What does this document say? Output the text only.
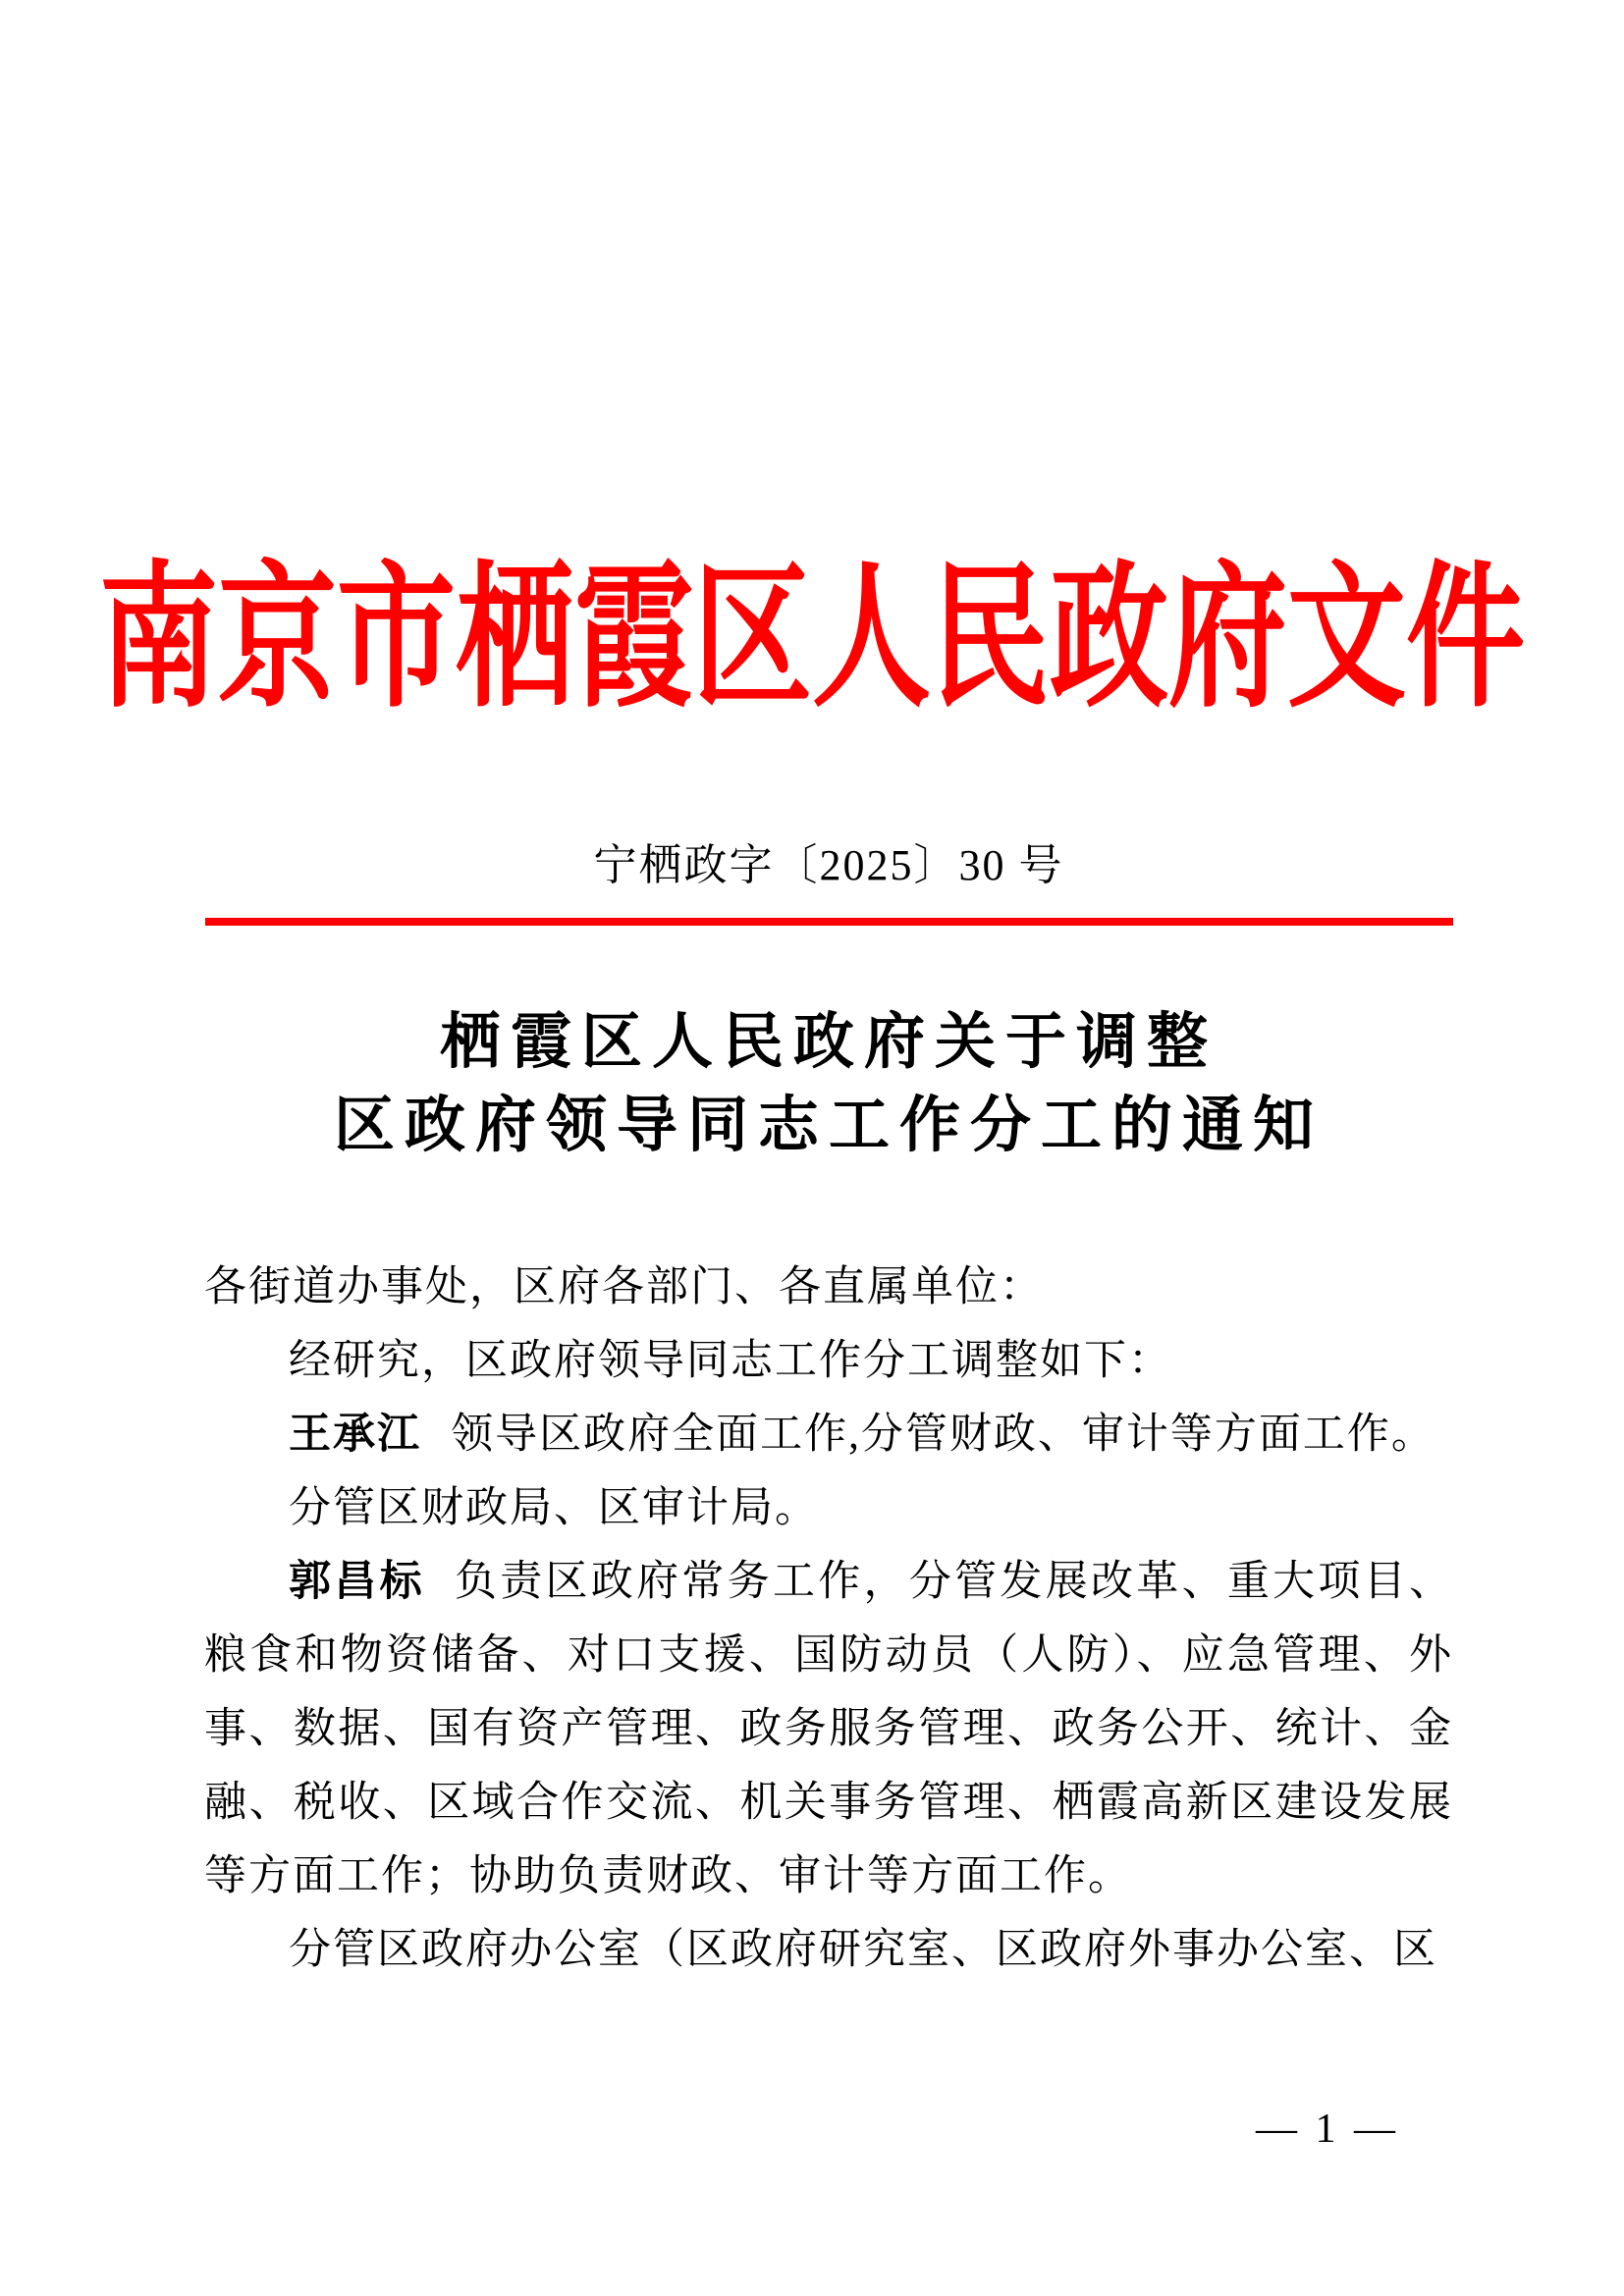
南京市栖霞区人民政府文件
宁栖政字〔2025〕30 号
栖霞区人民政府关于调整
区政府领导同志工作分工的通知

各街道办事处，区府各部门、各直属单位：

经研究，区政府领导同志工作分工调整如下：

王承江 领导区政府全面工作,分管财政、审计等方面工作。

分管区财政局、区审计局。

郭昌标 负责区政府常务工作，分管发展改革、重大项目、粮食和物资储备、对口支援、国防动员（人防）、应急管理、外事、数据、国有资产管理、政务服务管理、政务公开、统计、金融、税收、区域合作交流、机关事务管理、栖霞高新区建设发展等方面工作；协助负责财政、审计等方面工作。

分管区政府办公室（区政府研究室、区政府外事办公室、区

— 1 —
